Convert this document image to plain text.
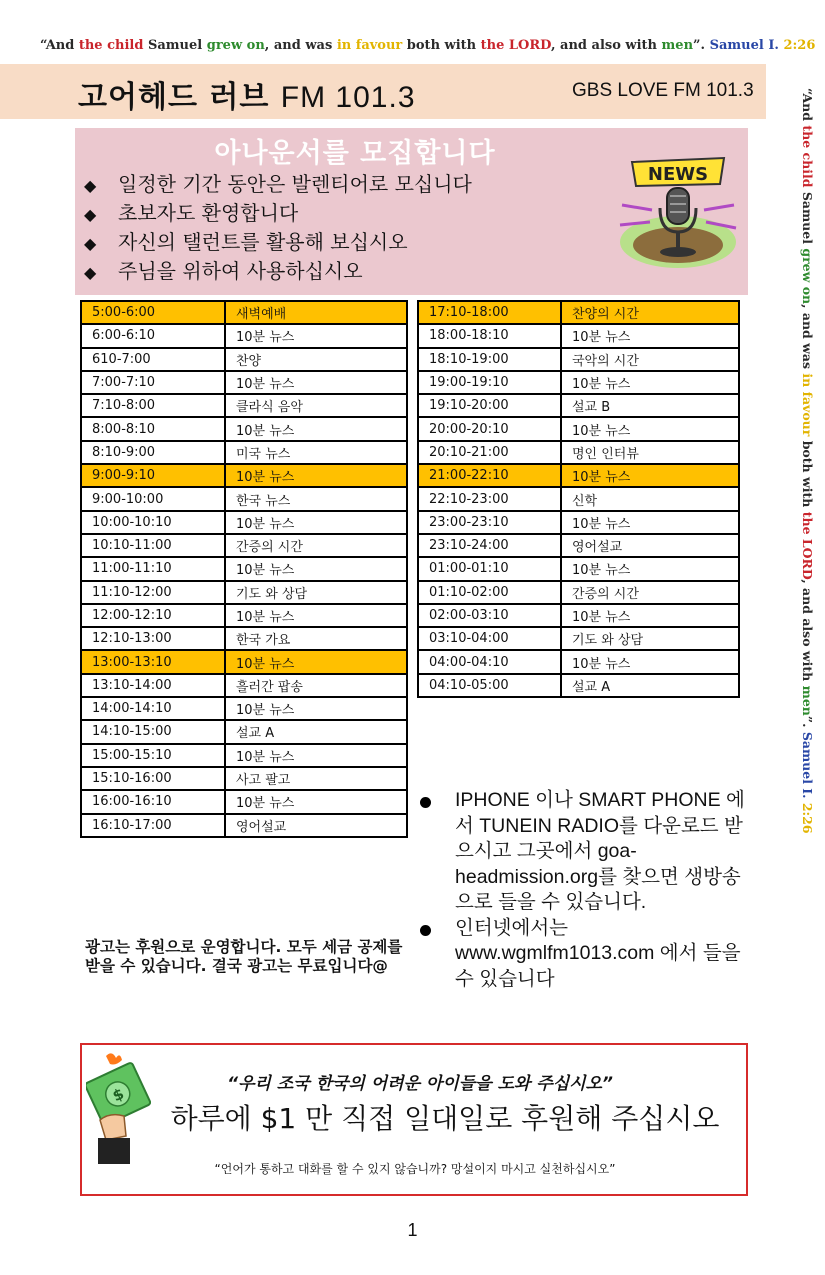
“And the child Samuel grew on, and was in favour both with the LORD, and also with men”. Samuel I. 2:26
“And the child Samuel grew on, and was in favour both with the LORD, and also with men”. Samuel I. 2:26
고어헤드 러브 FM 101.3	GBS LOVE FM 101.3
아나운서를 모집합니다
◆ 일정한 기간 동안은 발렌티어로 모십니다
◆ 초보자도 환영합니다
◆ 자신의 탤런트를 활용해 보십시오
◆ 주님을 위하여 사용하십시오
NEWS
5:00-6:00	새벽예배
6:00-6:10	10분 뉴스
610-7:00	찬양
7:00-7:10	10분 뉴스
7:10-8:00	클라식 음악
8:00-8:10	10분 뉴스
8:10-9:00	미국 뉴스
9:00-9:10	10분 뉴스
9:00-10:00	한국 뉴스
10:00-10:10	10분 뉴스
10:10-11:00	간증의 시간
11:00-11:10	10분 뉴스
11:10-12:00	기도 와 상담
12:00-12:10	10분 뉴스
12:10-13:00	한국 가요
13:00-13:10	10분 뉴스
13:10-14:00	흘러간 팝송
14:00-14:10	10분 뉴스
14:10-15:00	설교 A
15:00-15:10	10분 뉴스
15:10-16:00	사고 팔고
16:00-16:10	10분 뉴스
16:10-17:00	영어설교
17:10-18:00	찬양의 시간
18:00-18:10	10분 뉴스
18:10-19:00	국악의 시간
19:00-19:10	10분 뉴스
19:10-20:00	설교 B
20:00-20:10	10분 뉴스
20:10-21:00	명인 인터뷰
21:00-22:10	10분 뉴스
22:10-23:00	신학
23:00-23:10	10분 뉴스
23:10-24:00	영어설교
01:00-01:10	10분 뉴스
01:10-02:00	간증의 시간
02:00-03:10	10분 뉴스
03:10-04:00	기도 와 상담
04:00-04:10	10분 뉴스
04:10-05:00	설교 A
광고는 후원으로 운영합니다. 모두 세금 공제를 받을 수 있습니다. 결국 광고는 무료입니다@
IPHONE 이나 SMART PHONE 에서 TUNEIN RADIO를 다운로드 받으시고 그곳에서 goa-headmission.org를 찾으면 생방송으로 들을 수 있습니다.
인터넷에서는 www.wgmlfm1013.com 에서 들을 수 있습니다
$
“우리 조국 한국의 어려운 아이들을 도와 주십시오”
하루에 $1 만 직접 일대일로 후원해 주십시오
“언어가 통하고 대화를 할 수 있지 않습니까? 망설이지 마시고 실천하십시오”
1
